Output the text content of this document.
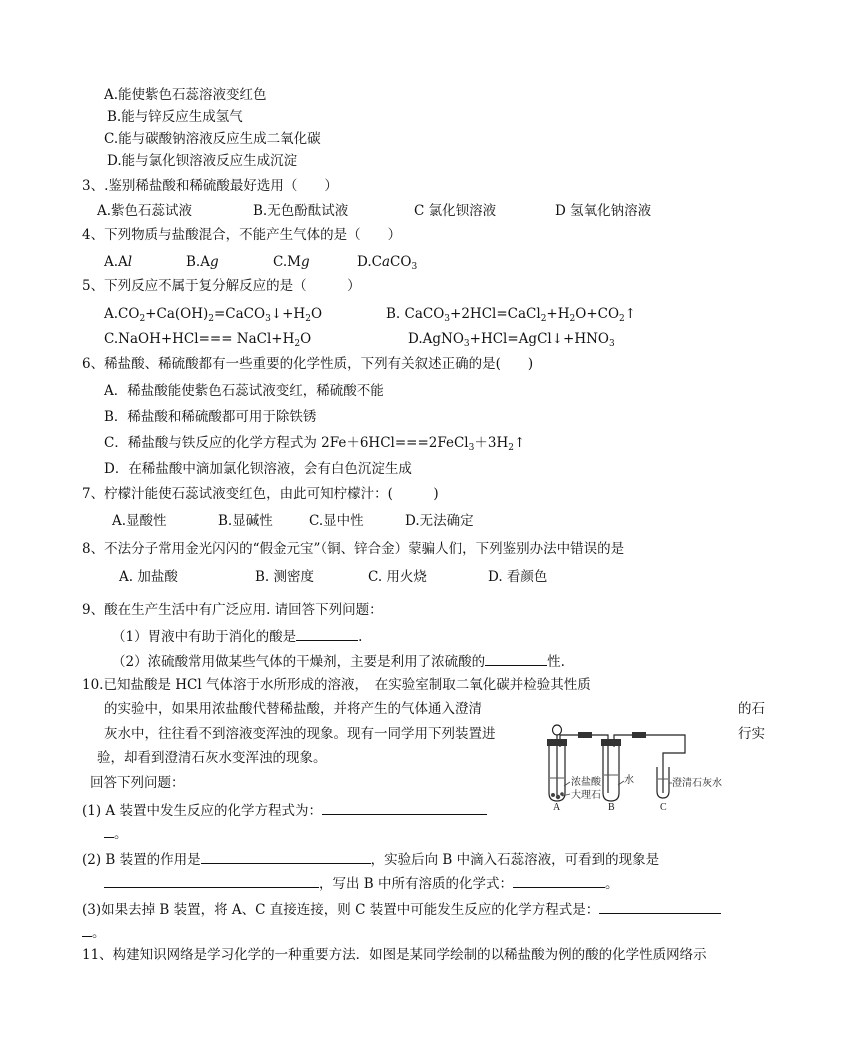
A.能使紫色石蕊溶液变红色
B.能与锌反应生成氢气
C.能与碳酸钠溶液反应生成二氧化碳
D.能与氯化钡溶液反应生成沉淀
3、.鉴别稀盐酸和稀硫酸最好选用（　　）
A.紫色石蕊试液	B.无色酚酞试液	C 氯化钡溶液	D 氢氧化钠溶液
4、下列物质与盐酸混合，不能产生气体的是（　　）
A.Al	B.Ag	C.Mg	D.CaCO$_3$
5、下列反应不属于复分解反应的是（　　　）
$A.CO_2+Ca(OH)_2=CaCO_3↓+H_2O$	B. $CaCO_3+2HCl=CaCl_2+H_2O+CO_2↑$
C.NaOH+HCl=== $NaCl+H_2O$	$D.AgNO_3+HCl=AgCl↓+HNO_3$
6、稀盐酸、稀硫酸都有一些重要的化学性质，下列有关叙述正确的是(　　)
A．稀盐酸能使紫色石蕊试液变红，稀硫酸不能
B．稀盐酸和稀硫酸都可用于除铁锈
C．稀盐酸与铁反应的化学方程式为 $2Fe+6HCl===2FeCl_3+3H_2↑$
D．在稀盐酸中滴加氯化钡溶液，会有白色沉淀生成
7、柠檬汁能使石蕊试液变红色，由此可知柠檬汁：(　　　)
A.显酸性	B.显碱性	C.显中性	D.无法确定
8、不法分子常用金光闪闪的“假金元宝”（铜、锌合金）蒙骗人们，下列鉴别办法中错误的是
A. 加盐酸	B. 测密度	C. 用火烧	D. 看颜色
9、酸在生产生活中有广泛应用. 请回答下列问题：
（1）胃液中有助于消化的酸是	.
（2）浓硫酸常用做某些气体的干燥剂，主要是利用了浓硫酸的	性.
10.已知盐酸是 HCl 气体溶于水所形成的溶液，　在实验室制取二氧化碳并检验其性质
的实验中，如果用浓盐酸代替稀盐酸，并将产生的气体通入澄清	的石
灰水中，往往看不到溶液变浑浊的现象。现有一同学用下列装置进	行实
验，却看到澄清石灰水变浑浊的现象。
回答下列问题：	浓盐酸
大理石
水	澄清石灰水
A	B	C
(1) A 装置中发生反应的化学方程式为：
。
(2) B 装置的作用是	，实验后向 B 中滴入石蕊溶液，可看到的现象是
，写出 B 中所有溶质的化学式：	。
(3)如果去掉 B 装置，将 A、C 直接连接，则 C 装置中可能发生反应的化学方程式是：
。
11、构建知识网络是学习化学的一种重要方法．如图是某同学绘制的以稀盐酸为例的酸的化学性质网络示
